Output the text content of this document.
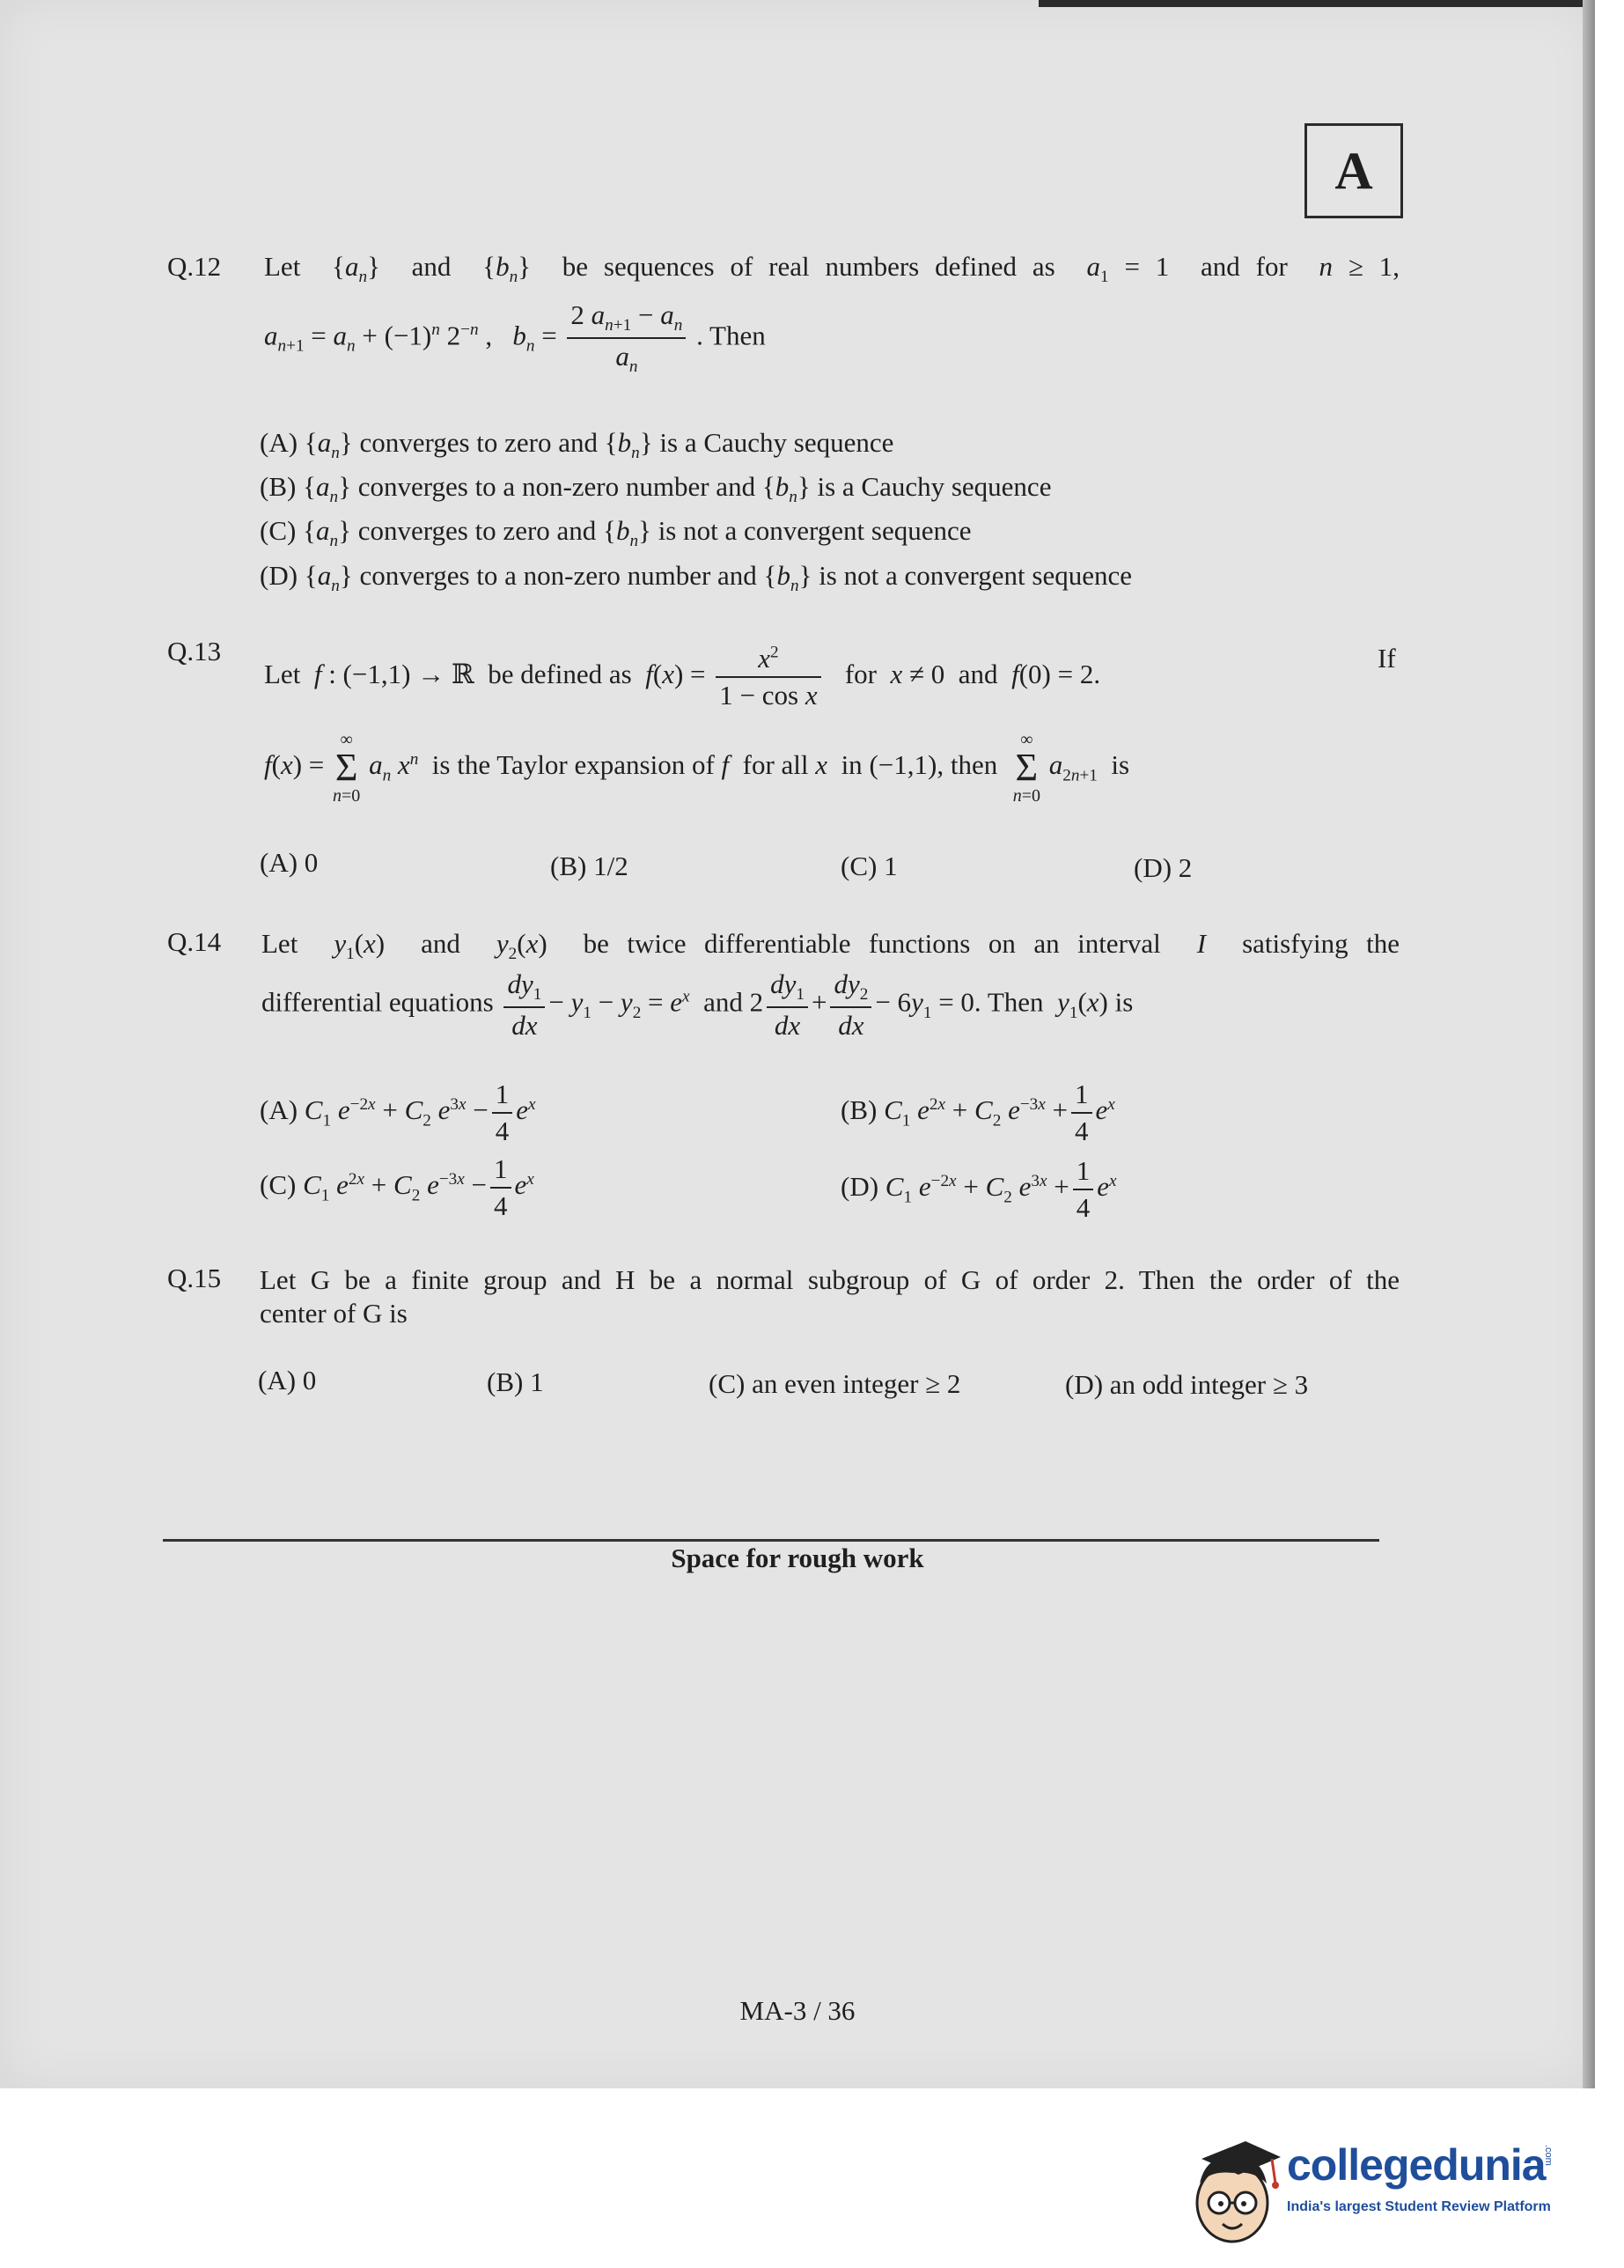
A
Q.12 Let $\{a_n\}$ and $\{b_n\}$ be sequences of real numbers defined as $a_1 = 1$ and for n ≥ 1,
$a_{n+1} = a_n + (-1)^n$ $2^{-n}$ ,   $b_n = \frac{2 a_{n+1} - a_n}{a_n}$ . Then
(A) $\{a_n\}$ converges to zero and $\{b_n\}$ is a Cauchy sequence
(B) $\{a_n\}$ converges to a non-zero number and $\{b_n\}$ is a Cauchy sequence
(C) $\{a_n\}$ converges to zero and $\{b_n\}$ is not a convergent sequence
(D) $\{a_n\}$ converges to a non-zero number and $\{b_n\}$ is not a convergent sequence
Q.13
Let f : (−1,1) → ℝ  be defined as $f(x) = \frac{x^2}{\text{1 − cos x}}$ for x ≠ 0  and f(0) = 2.
If
f(x) = ∞
Σ
n=0 $a_n$ $x^n$ is the Taylor expansion of f for all x in (−1,1), then  ∞
Σ
n=0 $a_{2n+1}$ is
(A) 0	(B) 1/2	(C) 1	(D) 2
Q.14 Let $y_1(x)$  and $y_2(x)$  be twice differentiable functions on an interval I satisfying the
differential equations $\frac{dy_1}{dx} - y_1 - y_2 = e^x$ and $2 \frac{dy_1}{dx} + \frac{dy_2}{dx} - 6y_1 = 0$. Then $y_1(x)$ is
(A) $C_1$ $e^{-2x} + C_2$ $e^{3x} - \frac{1}{4} e^x$	(B) $C_1$ $e^{2x} + C_2$ $e^{-3x} + \frac{1}{4} e^x$
(C) $C_1$ $e^{2x} + C_2$ $e^{-3x} - \frac{1}{4} e^x$	(D) $C_1$ $e^{-2x} + C_2$ $e^{3x} + \frac{1}{4} e^x$
Q.15 Let G be a finite group and H be a normal subgroup of G of order 2. Then the order of the
center of G is
(A) 0	(B) 1	(C) an even integer ≥ 2	(D) an odd integer ≥ 3
Space for rough work
MA-3 / 36
collegedunia
.com
India's largest Student Review Platform
